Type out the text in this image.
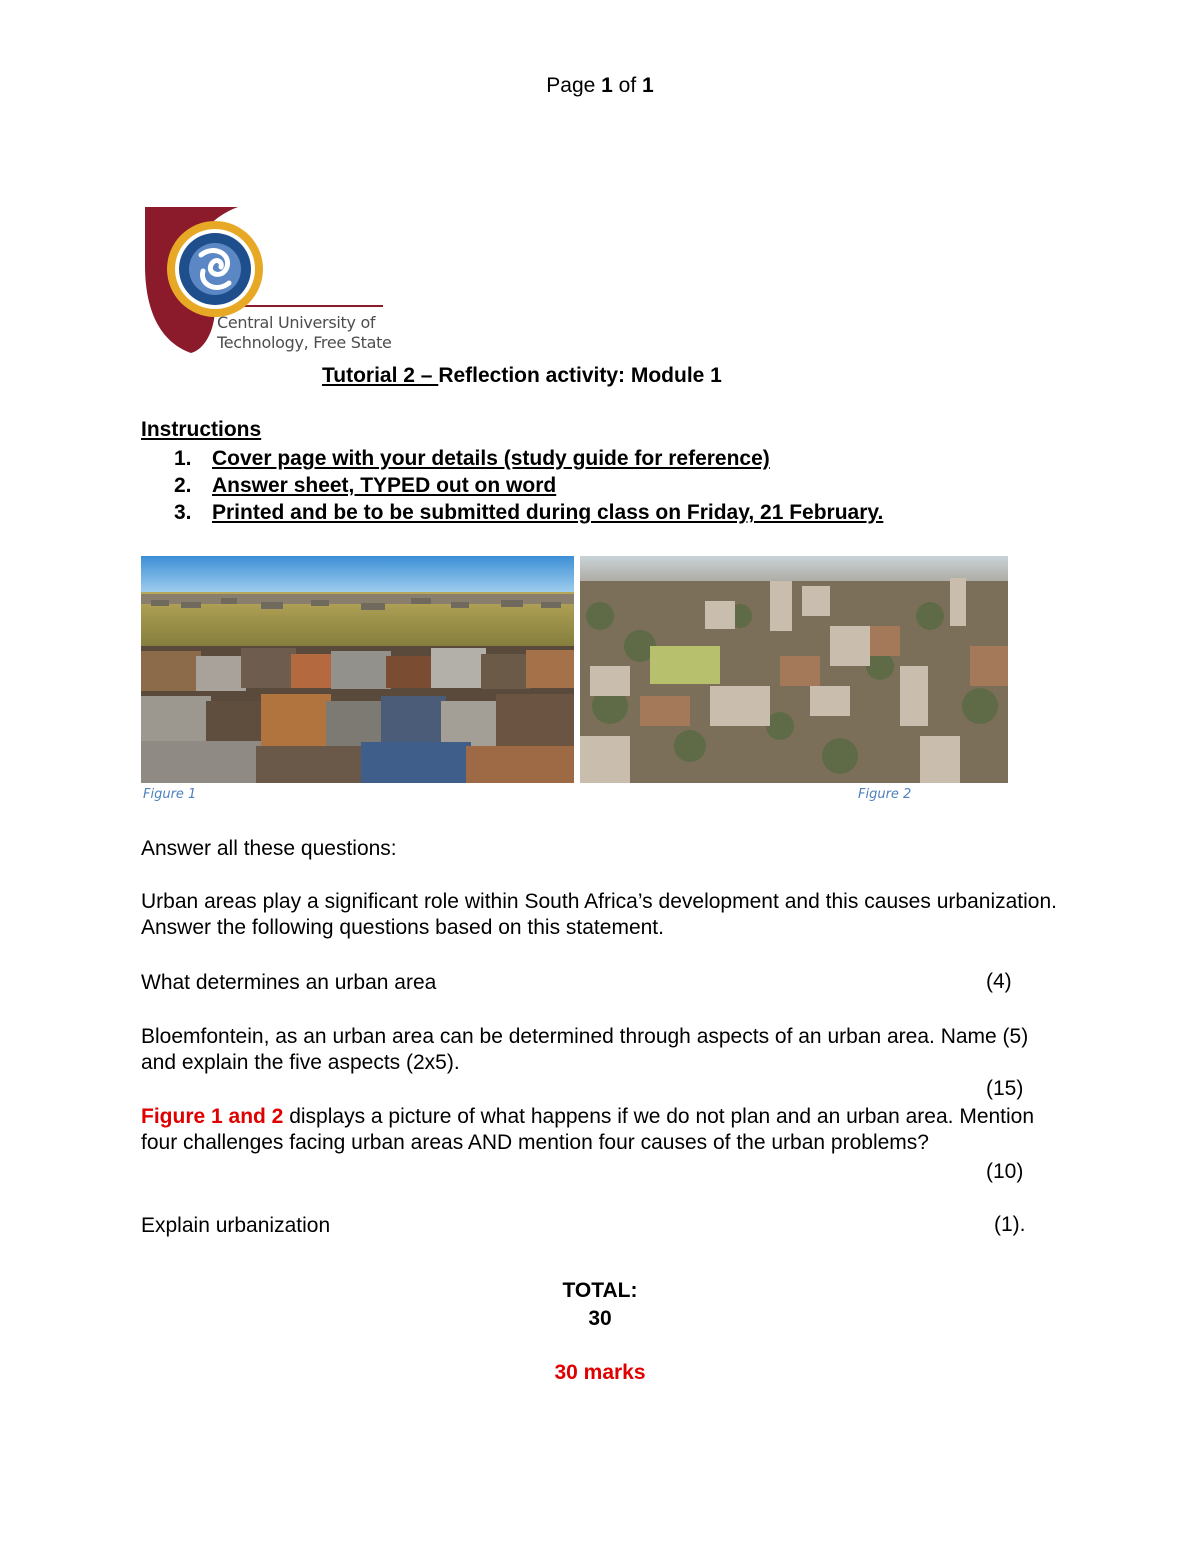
Page 1 of 1
Central University of
Technology, Free State
Tutorial 2 – Reflection activity: Module 1
Instructions
1. Cover page with your details (study guide for reference)
2. Answer sheet, TYPED out on word
3. Printed and be to be submitted during class on Friday, 21 February.
Figure 1	Figure 2
Answer all these questions:
Urban areas play a significant role within South Africa’s development and this causes urbanization. Answer the following questions based on this statement.
What determines an urban area	(4)
Bloemfontein, as an urban area can be determined through aspects of an urban area. Name (5) and explain the five aspects (2x5).
(15)
Figure 1 and 2 displays a picture of what happens if we do not plan and an urban area. Mention four challenges facing urban areas AND mention four causes of the urban problems?
(10)
Explain urbanization	(1).
TOTAL:
30
30 marks
